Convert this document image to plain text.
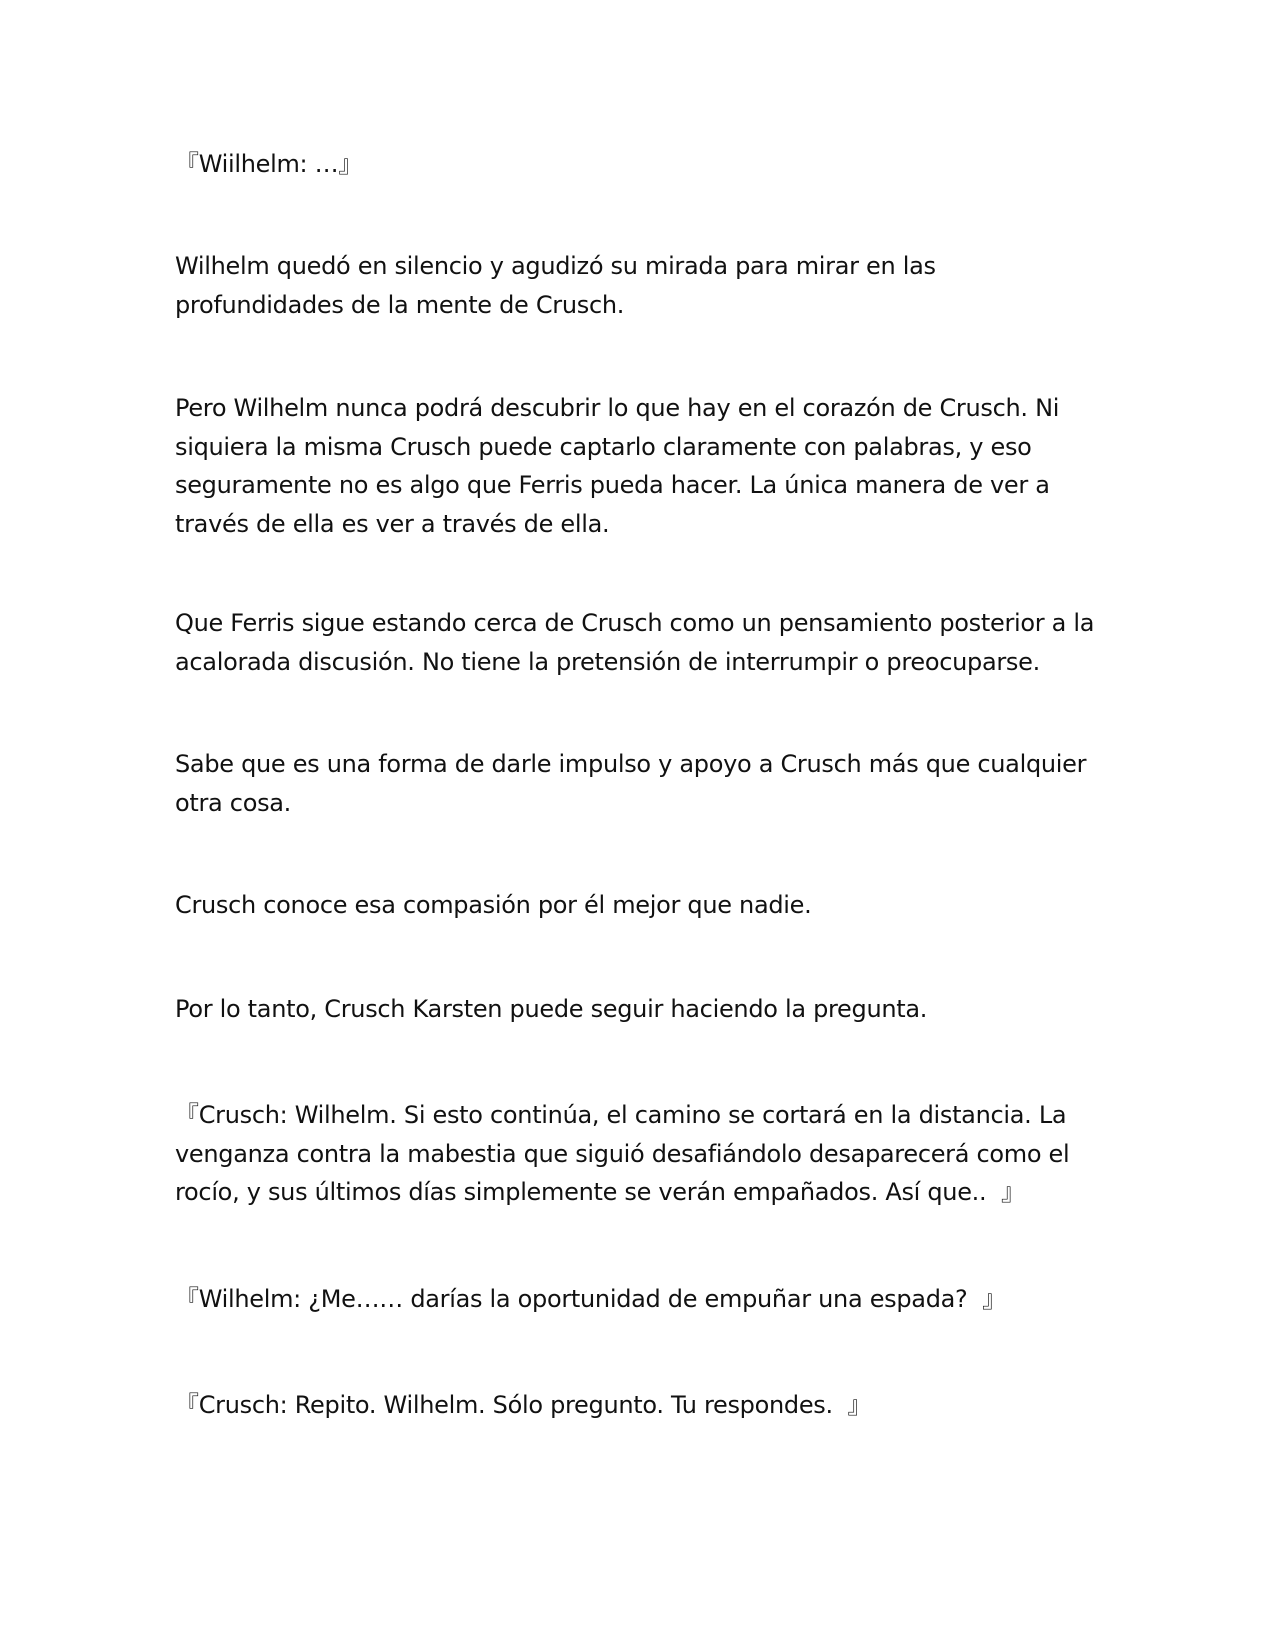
『Wiilhelm: …』

Wilhelm quedó en silencio y agudizó su mirada para mirar en las profundidades de la mente de Crusch.

Pero Wilhelm nunca podrá descubrir lo que hay en el corazón de Crusch. Ni siquiera la misma Crusch puede captarlo claramente con palabras, y eso seguramente no es algo que Ferris pueda hacer. La única manera de ver a través de ella es ver a través de ella.

Que Ferris sigue estando cerca de Crusch como un pensamiento posterior a la acalorada discusión. No tiene la pretensión de interrumpir o preocuparse.

Sabe que es una forma de darle impulso y apoyo a Crusch más que cualquier otra cosa.

Crusch conoce esa compasión por él mejor que nadie.

Por lo tanto, Crusch Karsten puede seguir haciendo la pregunta.

『Crusch: Wilhelm. Si esto continúa, el camino se cortará en la distancia. La venganza contra la mabestia que siguió desafiándolo desaparecerá como el rocío, y sus últimos días simplemente se verán empañados. Así que..  』

『Wilhelm: ¿Me…… darías la oportunidad de empuñar una espada?  』

『Crusch: Repito. Wilhelm. Sólo pregunto. Tu respondes.  』
